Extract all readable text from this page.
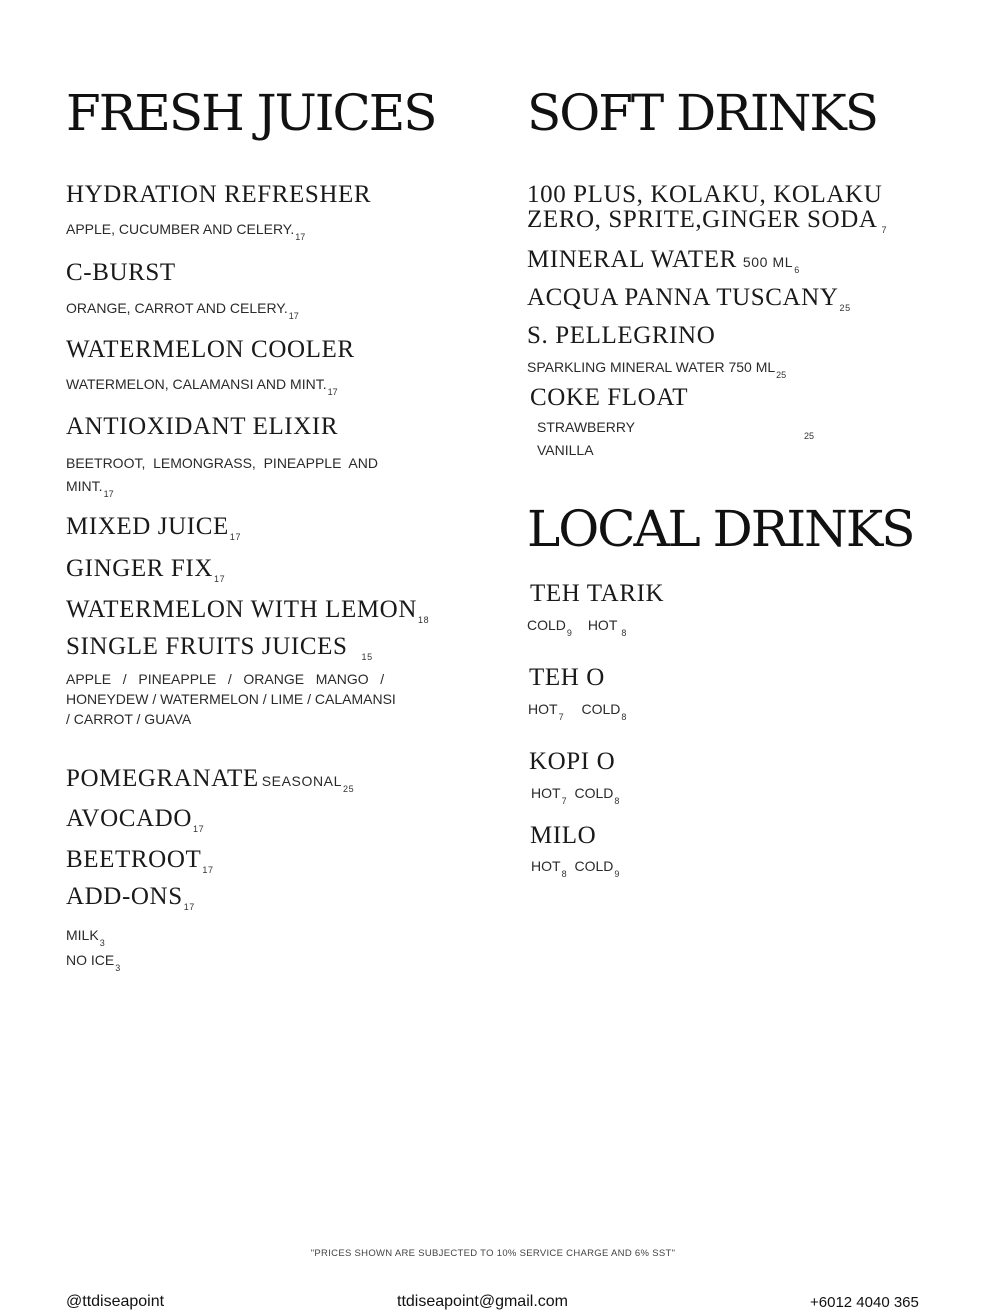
FRESH JUICES
HYDRATION REFRESHER
APPLE, CUCUMBER AND $CELERY._{17}$
C-BURST
ORANGE, CARROT AND $CELERY._{17}$
WATERMELON COOLER
WATERMELON, CALAMANSI AND $MINT._{17}$
ANTIOXIDANT ELIXIR
BEETROOT,  LEMONGRASS,  PINEAPPLE  AND
$MINT._{17}$
MIXED $JUICE_{17}$
GINGER $FIX_{17}$
WATERMELON WITH $LEMON_{18}$
SINGLE FRUITS JUICES $_{15}$
APPLE   /   PINEAPPLE   /   ORANGE   MANGO   /
HONEYDEW / WATERMELON / LIME / CALAMANSI
/ CARROT / GUAVA
POMEGRANATE $SEASONAL_{25}$
$AVOCADO_{17}$
$BEETROOT_{17}$
ADD-$ONS_{17}$
$MILK_3$
NO $ICE_3$
SOFT DRINKS
100 PLUS, KOLAKU, KOLAKU
ZERO, SPRITE,GINGER SODA $_7$
MINERAL WATER 500 $ML_6$
ACQUA PANNA $TUSCANY_{25}$
S. PELLEGRINO
SPARKLING MINERAL WATER 750 $ML_{25}$
COKE FLOAT
STRAWBERRY
VANILLA
25
LOCAL DRINKS
TEH TARIK
$COLD_9$ HOT $_8$
TEH O
$HOT_7$ $COLD_8$
KOPI O
$HOT_7$ $COLD_8$
MILO
$HOT_8$ $COLD_9$
"PRICES SHOWN ARE SUBJECTED TO 10% SERVICE CHARGE AND 6% SST"
@ttdiseapoint	ttdiseapoint@gmail.com	+6012 4040 365
